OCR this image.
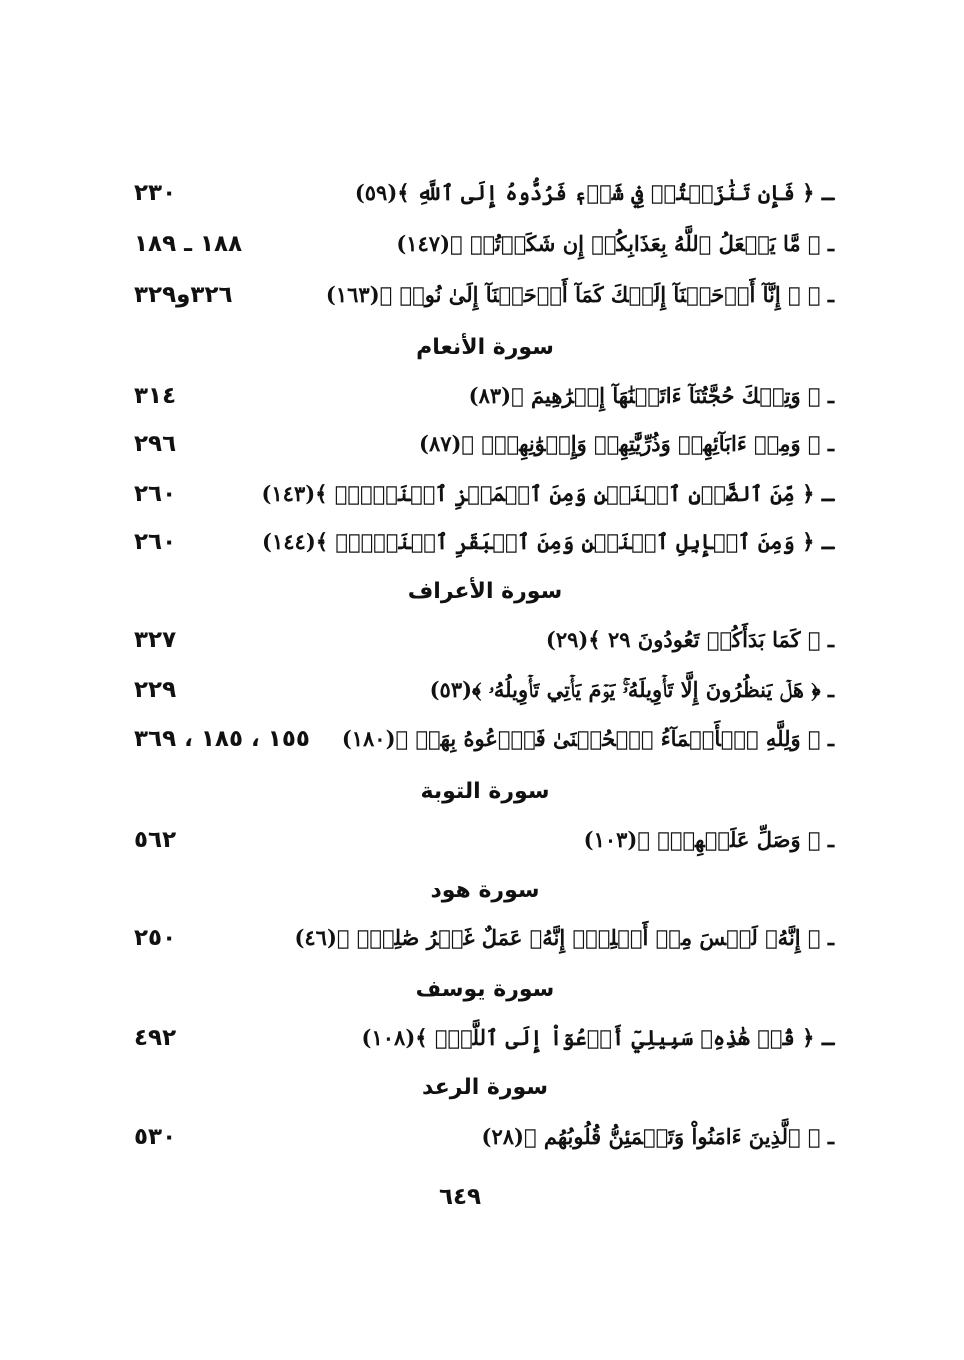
ـ ﴿ فَإِن تَنَٰزَعۡتُمۡ فِي شَيۡءٖ فَرُدُّوهُ إِلَى ٱللَّهِ ﴾(٥٩)
٢٣٠
ـ ﴿ مَّا يَفۡعَلُ ٱللَّهُ بِعَذَابِكُمۡ إِن شَكَرۡتُمۡ ﴾(١٤٧)
١٨٨ ـ ١٨٩
ـ ﴿ ۞ إِنَّآ أَوۡحَيۡنَآ إِلَيۡكَ كَمَآ أَوۡحَيۡنَآ إِلَىٰ نُوحٖ ﴾(١٦٣)
٣٢٦و٣٢٩
سورة الأنعام
ـ ﴿ وَتِلۡكَ حُجَّتُنَآ ءَاتَيۡنَٰهَآ إِبۡرَٰهِيمَ ﴾(٨٣)
٣١٤
ـ ﴿ وَمِنۡ ءَابَآئِهِمۡ وَذُرِّيَّٰتِهِمۡ وَإِخۡوَٰنِهِمۡۖ ﴾(٨٧)
٢٩٦
ـ ﴿ مِّنَ ٱلضَّأۡنِ ٱثۡنَيۡنِ وَمِنَ ٱلۡمَعۡزِ ٱثۡنَيۡنِۗ ﴾(١٤٣)
٢٦٠
ـ ﴿ وَمِنَ ٱلۡإِبِلِ ٱثۡنَيۡنِ وَمِنَ ٱلۡبَقَرِ ٱثۡنَيۡنِۗ ﴾(١٤٤)
٢٦٠
سورة الأعراف
ـ ﴿ كَمَا بَدَأَكُمۡ تَعُودُونَ ٢٩ ﴾(٢٩)
٣٢٧
ـ ﴿ هَلۡ يَنظُرُونَ إِلَّا تَأۡوِيلَهُۥۚ يَوۡمَ يَأۡتِي تَأۡوِيلُهُۥ ﴾(٥٣)
٢٢٩
ـ ﴿ وَلِلَّهِ ٱلۡأَسۡمَآءُ ٱلۡحُسۡنَىٰ فَٱدۡعُوهُ بِهَاۖ ﴾(١٨٠)
١٥٥ ، ١٨٥ ، ٣٦٩
سورة التوبة
ـ ﴿ وَصَلِّ عَلَيۡهِمۡۖ ﴾(١٠٣)
٥٦٢
سورة هود
ـ ﴿ إِنَّهُۥ لَيۡسَ مِنۡ أَهۡلِكَۖ إِنَّهُۥ عَمَلٌ غَيۡرُ صَٰلِحٖۖ ﴾(٤٦)
٢٥٠
سورة يوسف
ـ ﴿ قُلۡ هَٰذِهِۦ سَبِيلِيٓ أَدۡعُوٓاْ إِلَى ٱللَّهِۚ ﴾(١٠٨)
٤٩٢
سورة الرعد
ـ ﴿ ٱلَّذِينَ ءَامَنُواْ وَتَطۡمَئِنُّ قُلُوبُهُم ﴾(٢٨)
٥٣٠
٦٤٩
